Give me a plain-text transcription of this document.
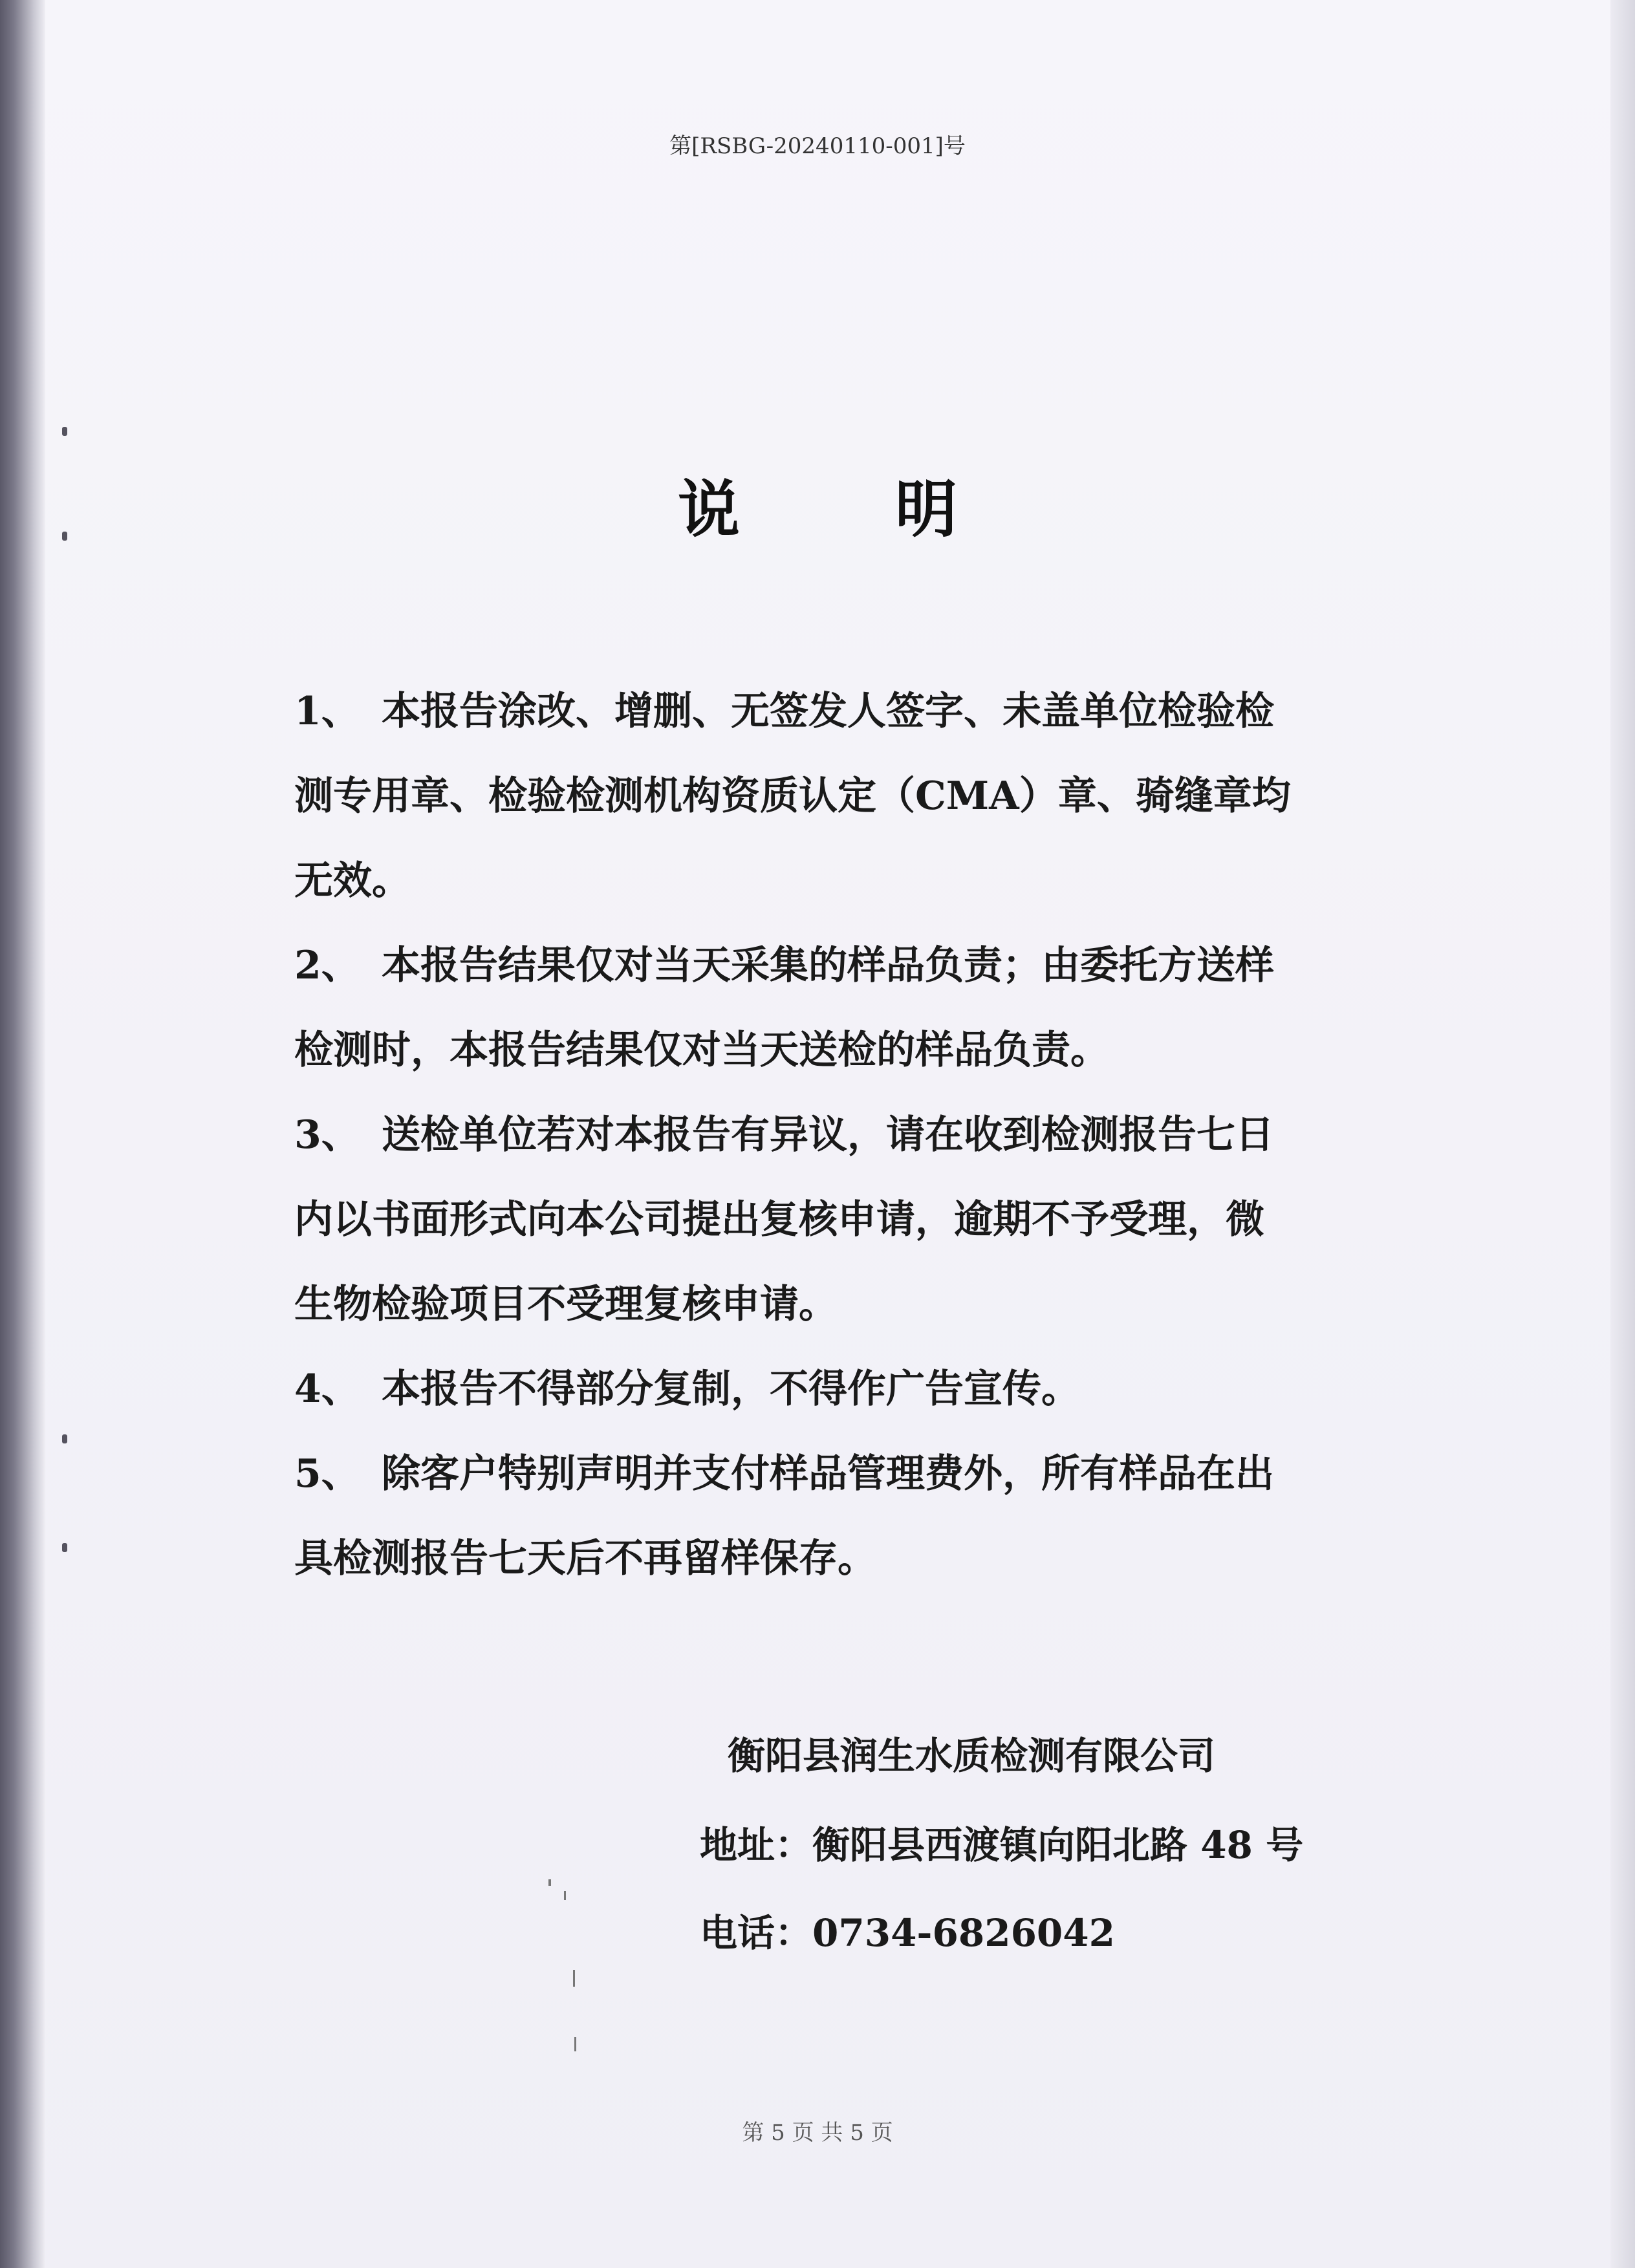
第[RSBG-20240110-001]号
说	明
1、 本报告涂改、增删、无签发人签字、未盖单位检验检
测专用章、检验检测机构资质认定（CMA）章、骑缝章均
无效。
2、 本报告结果仅对当天采集的样品负责；由委托方送样
检测时，本报告结果仅对当天送检的样品负责。
3、 送检单位若对本报告有异议，请在收到检测报告七日
内以书面形式向本公司提出复核申请，逾期不予受理，微
生物检验项目不受理复核申请。
4、 本报告不得部分复制，不得作广告宣传。
5、 除客户特别声明并支付样品管理费外，所有样品在出
具检测报告七天后不再留样保存。
衡阳县润生水质检测有限公司
地址：衡阳县西渡镇向阳北路 48 号
电话：0734-6826042
第 5 页 共 5 页
